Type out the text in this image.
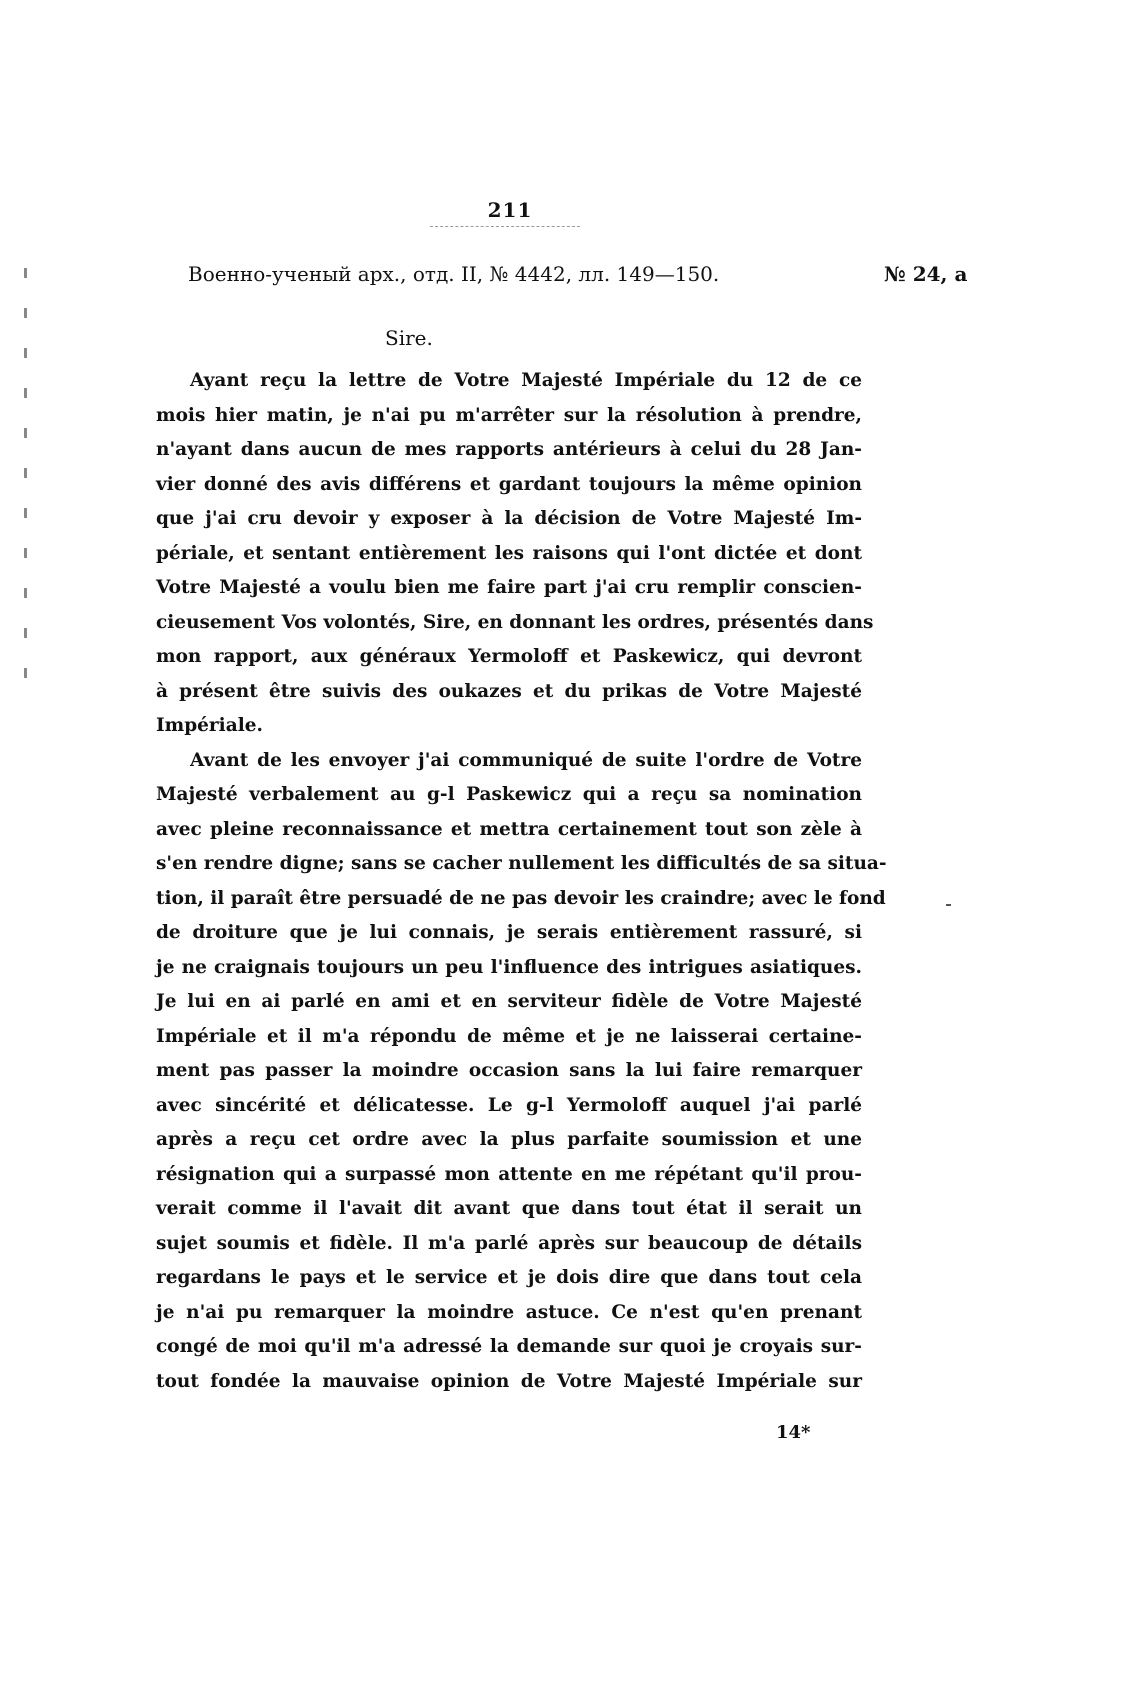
211
Военно-ученый арх., отд. II, № 4442, лл. 149—150.	№ 24, a
Sire.
Ayant reçu la lettre de Votre Majesté Impériale du 12 de ce
mois hier matin, je n'ai pu m'arrêter sur la résolution à prendre,
n'ayant dans aucun de mes rapports antérieurs à celui du 28 Jan-
vier donné des avis différens et gardant toujours la même opinion
que j'ai cru devoir y exposer à la décision de Votre Majesté Im-
périale, et sentant entièrement les raisons qui l'ont dictée et dont
Votre Majesté a voulu bien me faire part j'ai cru remplir conscien-
cieusement Vos volontés, Sire, en donnant les ordres, présentés dans
mon rapport, aux généraux Yermoloff et Paskewicz, qui devront
à présent être suivis des oukazes et du prikas de Votre Majesté
Impériale.
Avant de les envoyer j'ai communiqué de suite l'ordre de Votre
Majesté verbalement au g-l Paskewicz qui a reçu sa nomination
avec pleine reconnaissance et mettra certainement tout son zèle à
s'en rendre digne; sans se cacher nullement les difficultés de sa situa-
tion, il paraît être persuadé de ne pas devoir les craindre; avec le fond
de droiture que je lui connais, je serais entièrement rassuré, si
je ne craignais toujours un peu l'influence des intrigues asiatiques.
Je lui en ai parlé en ami et en serviteur fidèle de Votre Majesté
Impériale et il m'a répondu de même et je ne laisserai certaine-
ment pas passer la moindre occasion sans la lui faire remarquer
avec sincérité et délicatesse. Le g-l Yermoloff auquel j'ai parlé
après a reçu cet ordre avec la plus parfaite soumission et une
résignation qui a surpassé mon attente en me répétant qu'il prou-
verait comme il l'avait dit avant que dans tout état il serait un
sujet soumis et fidèle. Il m'a parlé après sur beaucoup de détails
regardans le pays et le service et je dois dire que dans tout cela
je n'ai pu remarquer la moindre astuce. Ce n'est qu'en prenant
congé de moi qu'il m'a adressé la demande sur quoi je croyais sur-
tout fondée la mauvaise opinion de Votre Majesté Impériale sur
14*
